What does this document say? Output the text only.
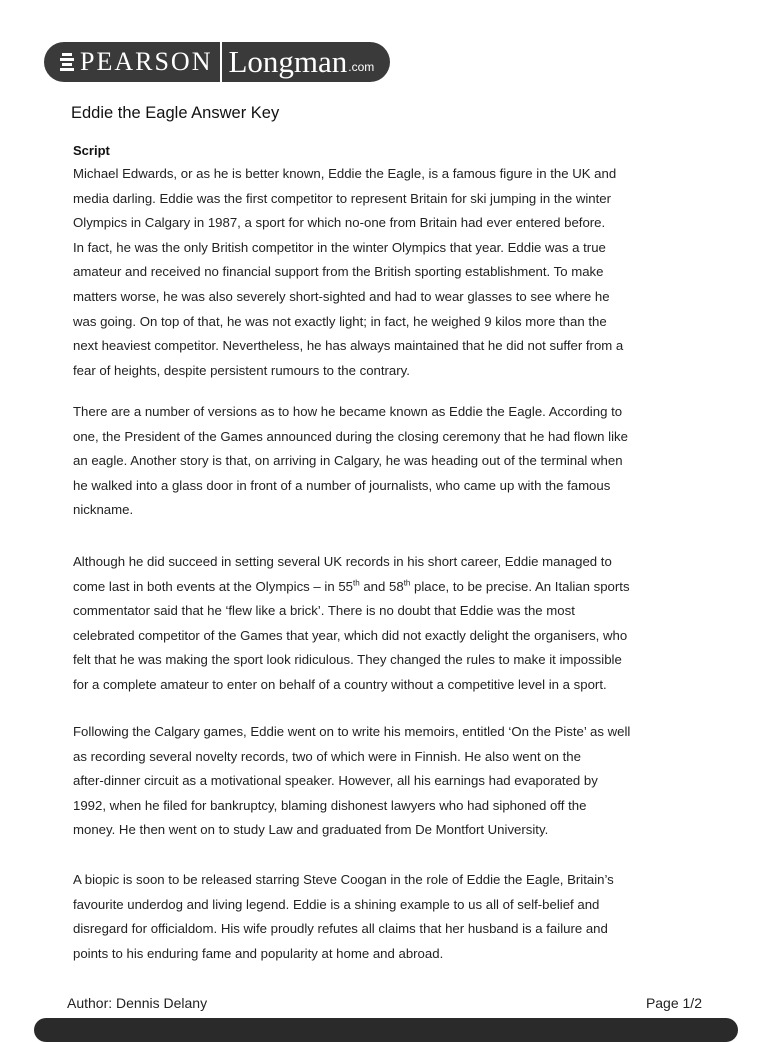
PEARSON Longman .com
Eddie the Eagle Answer Key
Script

Michael Edwards, or as he is better known, Eddie the Eagle, is a famous figure in the UK and

media darling. Eddie was the first competitor to represent Britain for ski jumping in the winter

Olympics in Calgary in 1987, a sport for which no-one from Britain had ever entered before.

In fact, he was the only British competitor in the winter Olympics that year. Eddie was a true

amateur and received no financial support from the British sporting establishment. To make

matters worse, he was also severely short-sighted and had to wear glasses to see where he

was going. On top of that, he was not exactly light; in fact, he weighed 9 kilos more than the

next heaviest competitor. Nevertheless, he has always maintained that he did not suffer from a

fear of heights, despite persistent rumours to the contrary.

There are a number of versions as to how he became known as Eddie the Eagle. According to

one, the President of the Games announced during the closing ceremony that he had flown like

an eagle. Another story is that, on arriving in Calgary, he was heading out of the terminal when

he walked into a glass door in front of a number of journalists, who came up with the famous

nickname.

Although he did succeed in setting several UK records in his short career, Eddie managed to

come last in both events at the Olympics – in 55th and 58th place, to be precise. An Italian sports

commentator said that he ‘flew like a brick’. There is no doubt that Eddie was the most

celebrated competitor of the Games that year, which did not exactly delight the organisers, who

felt that he was making the sport look ridiculous. They changed the rules to make it impossible

for a complete amateur to enter on behalf of a country without a competitive level in a sport.

Following the Calgary games, Eddie went on to write his memoirs, entitled ‘On the Piste’ as well

as recording several novelty records, two of which were in Finnish. He also went on the

after-dinner circuit as a motivational speaker. However, all his earnings had evaporated by

1992, when he filed for bankruptcy, blaming dishonest lawyers who had siphoned off the

money. He then went on to study Law and graduated from De Montfort University.

A biopic is soon to be released starring Steve Coogan in the role of Eddie the Eagle, Britain’s

favourite underdog and living legend. Eddie is a shining example to us all of self-belief and

disregard for officialdom. His wife proudly refutes all claims that her husband is a failure and

points to his enduring fame and popularity at home and abroad.

Author: Dennis Delany	Page 1/2
